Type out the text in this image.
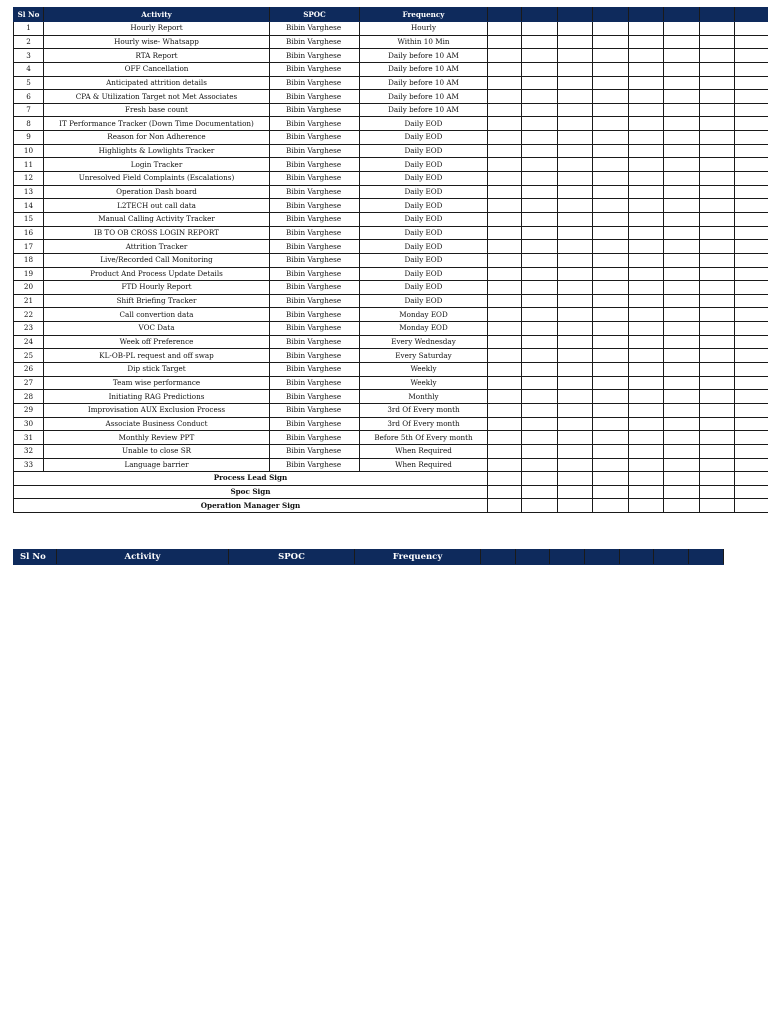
Sl No	Activity	SPOC	Frequency								
1	Hourly Report	Bibin Varghese	Hourly								
2	Hourly wise- Whatsapp	Bibin Varghese	Within 10 Min								
3	RTA Report	Bibin Varghese	Daily before 10 AM								
4	OFF Cancellation	Bibin Varghese	Daily before 10 AM								
5	Anticipated attrition details	Bibin Varghese	Daily before 10 AM								
6	CPA & Utilization Target not Met Associates	Bibin Varghese	Daily before 10 AM								
7	Fresh base count	Bibin Varghese	Daily before 10 AM								
8	IT Performance Tracker (Down Time Documentation)	Bibin Varghese	Daily EOD								
9	Reason for Non Adherence	Bibin Varghese	Daily EOD								
10	Highlights & Lowlights Tracker	Bibin Varghese	Daily EOD								
11	Login Tracker	Bibin Varghese	Daily EOD								
12	Unresolved Field Complaints (Escalations)	Bibin Varghese	Daily EOD								
13	Operation Dash board	Bibin Varghese	Daily EOD								
14	L2TECH out call data	Bibin Varghese	Daily EOD								
15	Manual Calling Activity Tracker	Bibin Varghese	Daily EOD								
16	IB TO OB CROSS LOGIN REPORT	Bibin Varghese	Daily EOD								
17	Attrition Tracker	Bibin Varghese	Daily EOD								
18	Live/Recorded Call Monitoring	Bibin Varghese	Daily EOD								
19	Product And Process Update Details	Bibin Varghese	Daily EOD								
20	FTD Hourly Report	Bibin Varghese	Daily EOD								
21	Shift Briefing Tracker	Bibin Varghese	Daily EOD								
22	Call convertion data	Bibin Varghese	Monday EOD								
23	VOC Data	Bibin Varghese	Monday EOD								
24	Week off Preference	Bibin Varghese	Every Wednesday								
25	KL-OB-PL request and off swap	Bibin Varghese	Every Saturday								
26	Dip stick Target	Bibin Varghese	Weekly								
27	Team wise performance	Bibin Varghese	Weekly								
28	Initiating RAG Predictions	Bibin Varghese	Monthly								
29	Improvisation AUX Exclusion Process	Bibin Varghese	3rd Of Every month								
30	Associate Business Conduct	Bibin Varghese	3rd Of Every month								
31	Monthly Review PPT	Bibin Varghese	Before 5th Of Every month								
32	Unable to close SR	Bibin Varghese	When Required								
33	Language barrier	Bibin Varghese	When Required								
Process Lead Sign											
Spoc Sign											
Operation Manager Sign											
Sl No	Activity	SPOC	Frequency							
